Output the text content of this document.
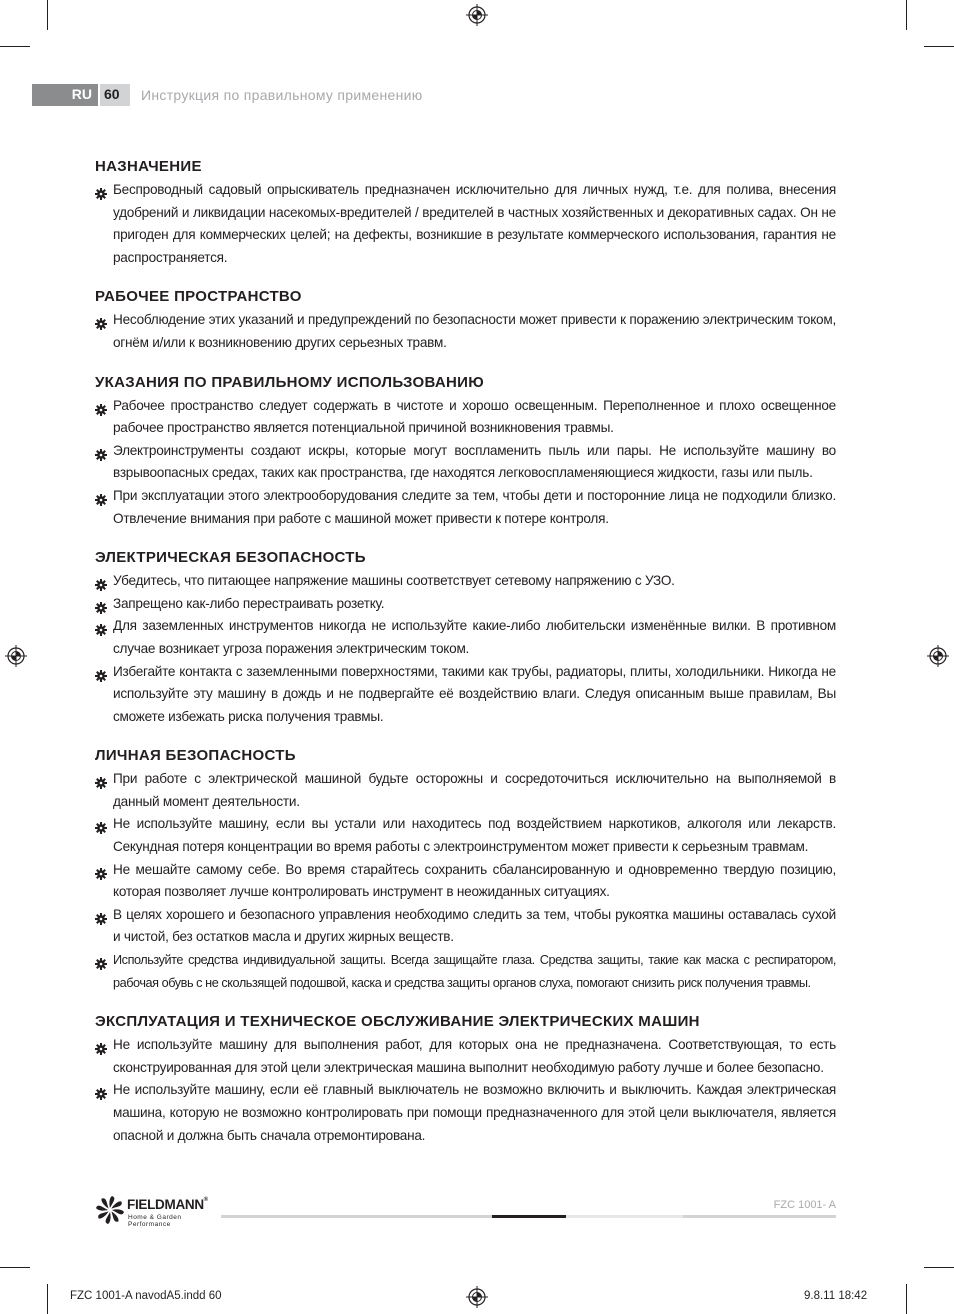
RU 60 Инструкция по правильному применению
НАЗНАЧЕНИЕ
Беспроводный садовый опрыскиватель предназначен исключительно для личных нужд, т.е. для полива, внесения удобрений и ликвидации насекомых-вредителей / вредителей в частных хозяйственных и декоративных садах. Он не пригоден для коммерческих целей; на дефекты, возникшие в результате коммерческого использования, гарантия не распространяется.
РАБОЧЕЕ ПРОСТРАНСТВО
Несоблюдение этих указаний и предупреждений по безопасности может привести к поражению электрическим током, огнём и/или к возникновению других серьезных травм.
УКАЗАНИЯ ПО ПРАВИЛЬНОМУ ИСПОЛЬЗОВАНИЮ
Рабочее пространство следует содержать в чистоте и хорошо освещенным. Переполненное и плохо освещенное рабочее пространство является потенциальной причиной возникновения травмы.
Электроинструменты создают искры, которые могут воспламенить пыль или пары. Не используйте машину во взрывоопасных средах, таких как пространства, где находятся легковоспламеняющиеся жидкости, газы или пыль.
При эксплуатации этого электрооборудования следите за тем, чтобы дети и посторонние лица не подходили близко. Отвлечение внимания при работе с машиной может привести к потере контроля.
ЭЛЕКТРИЧЕСКАЯ БЕЗОПАСНОСТЬ
Убедитесь, что питающее напряжение машины соответствует сетевому напряжению с УЗО.
Запрещено как-либо перестраивать розетку.
Для заземленных инструментов никогда не используйте какие-либо любительски изменённые вилки. В противном случае возникает угроза поражения электрическим током.
Избегайте контакта с заземленными поверхностями, такими как трубы, радиаторы, плиты, холодильники. Никогда не используйте эту машину в дождь и не подвергайте её воздействию влаги. Следуя описанным выше правилам, Вы сможете избежать риска получения травмы.
ЛИЧНАЯ БЕЗОПАСНОСТЬ
При работе с электрической машиной будьте осторожны и сосредоточиться исключительно на выполняемой в данный момент деятельности.
Не используйте машину, если вы устали или находитесь под воздействием наркотиков, алкоголя или лекарств. Секундная потеря концентрации во время работы с электроинструментом может привести к серьезным травмам.
Не мешайте самому себе. Во время старайтесь сохранить сбалансированную и одновременно твердую позицию, которая позволяет лучше контролировать инструмент в неожиданных ситуациях.
В целях хорошего и безопасного управления необходимо следить за тем, чтобы рукоятка машины оставалась сухой и чистой, без остатков масла и других жирных веществ.
Используйте средства индивидуальной защиты. Всегда защищайте глаза. Средства защиты, такие как маска с респиратором, рабочая обувь с не скользящей подошвой, каска и средства защиты органов слуха, помогают снизить риск получения травмы.
ЭКСПЛУАТАЦИЯ И ТЕХНИЧЕСКОЕ ОБСЛУЖИВАНИЕ ЭЛЕКТРИЧЕСКИХ МАШИН
Не используйте машину для выполнения работ, для которых она не предназначена. Соответствующая, то есть сконструированная для этой цели электрическая машина выполнит необходимую работу лучше и более безопасно.
Не используйте машину, если её главный выключатель не возможно включить и выключить. Каждая электрическая машина, которую не возможно контролировать при помощи предназначенного для этой цели выключателя, является опасной и должна быть сначала отремонтирована.
FIELDMANN®
Home & Garden Performance
FZC 1001- A
FZC 1001-A navodA5.indd 60	9.8.11 18:42
